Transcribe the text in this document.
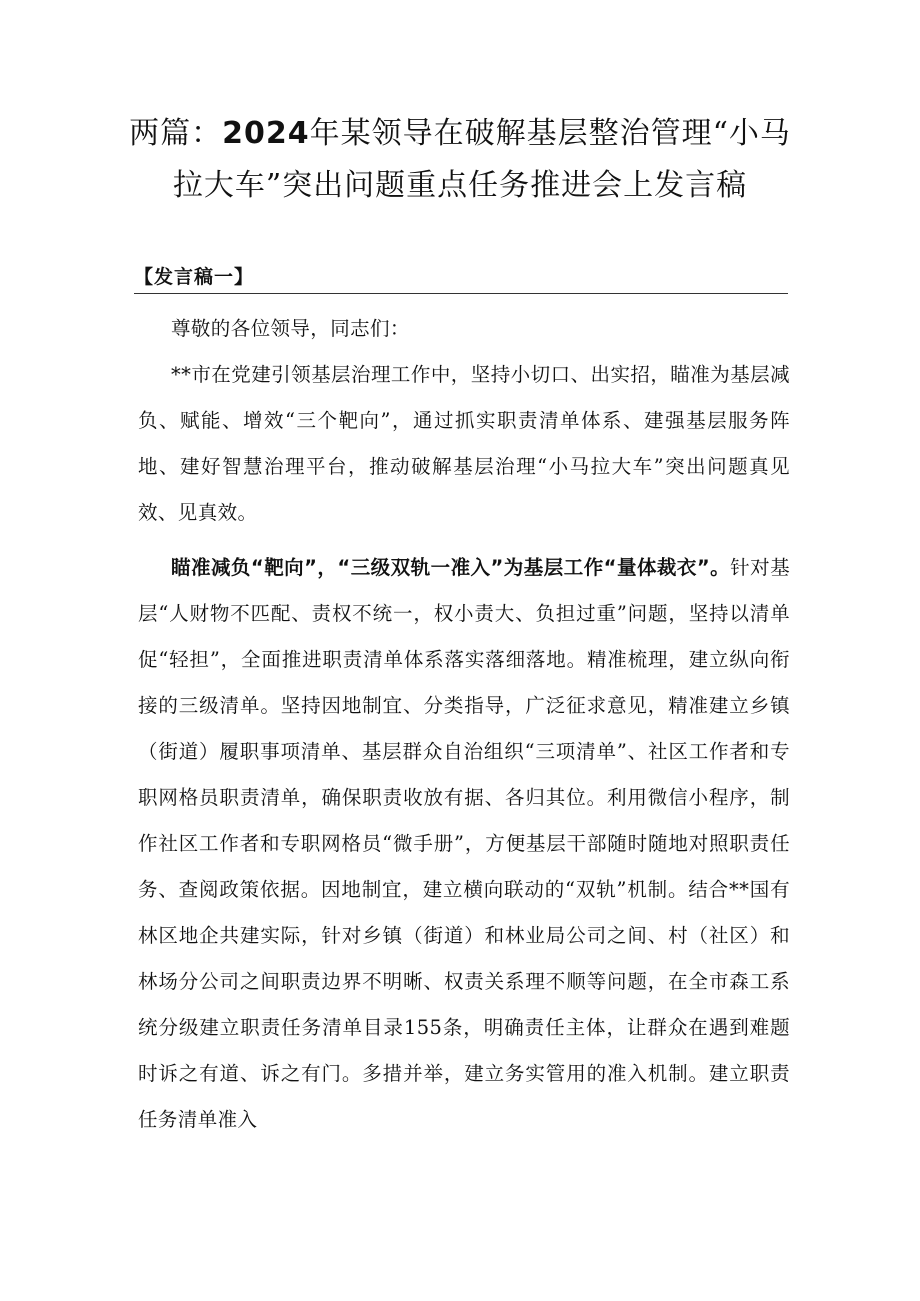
两篇：2024年某领导在破解基层整治管理“小马拉大车”突出问题重点任务推进会上发言稿
【发言稿一】

尊敬的各位领导，同志们：

**市在党建引领基层治理工作中，坚持小切口、出实招，瞄准为基层减负、赋能、增效“三个靶向”，通过抓实职责清单体系、建强基层服务阵地、建好智慧治理平台，推动破解基层治理“小马拉大车”突出问题真见效、见真效。

瞄准减负“靶向”，“三级双轨一准入”为基层工作“量体裁衣”。针对基层“人财物不匹配、责权不统一，权小责大、负担过重”问题，坚持以清单促“轻担”，全面推进职责清单体系落实落细落地。精准梳理，建立纵向衔接的三级清单。坚持因地制宜、分类指导，广泛征求意见，精准建立乡镇（街道）履职事项清单、基层群众自治组织“三项清单”、社区工作者和专职网格员职责清单，确保职责收放有据、各归其位。利用微信小程序，制作社区工作者和专职网格员“微手册”，方便基层干部随时随地对照职责任务、查阅政策依据。因地制宜，建立横向联动的“双轨”机制。结合**国有林区地企共建实际，针对乡镇（街道）和林业局公司之间、村（社区）和林场分公司之间职责边界不明晰、权责关系理不顺等问题，在全市森工系统分级建立职责任务清单目录155条，明确责任主体，让群众在遇到难题时诉之有道、诉之有门。多措并举，建立务实管用的准入机制。建立职责任务清单准入
